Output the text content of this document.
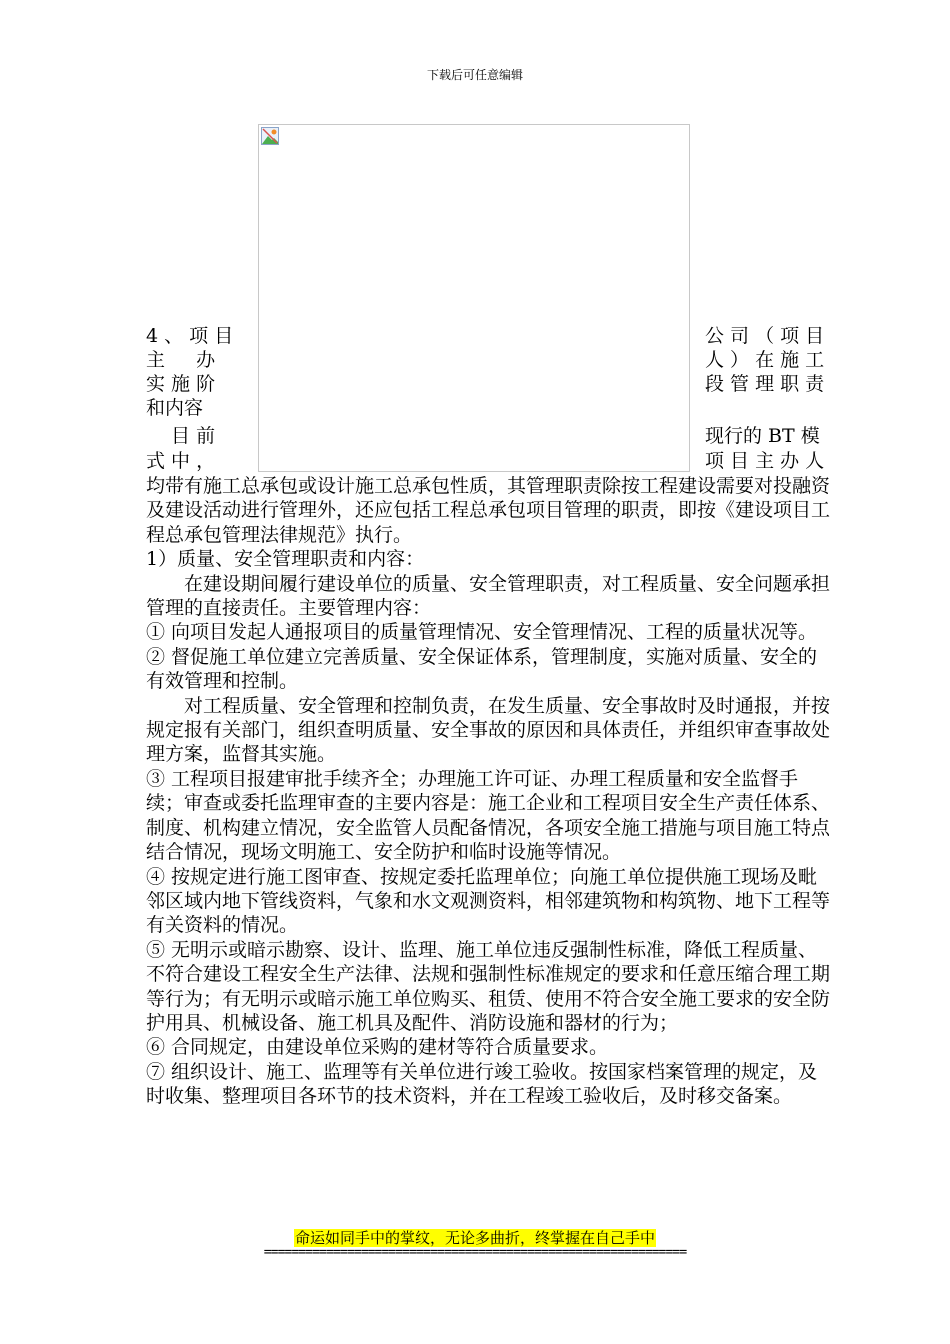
下载后可任意编辑
4 、 项 目
主 　 办
实 施 阶
和内容
公 司 （ 项 目
人 ） 在 施 工
段 管 理 职 责
　 目 前
式 中 ，
现行的 BT 模
项 目 主 办 人

均带有施工总承包或设计施工总承包性质，其管理职责除按工程建设需要对投融资及建设活动进行管理外，还应包括工程总承包项目管理的职责，即按《建设项目工程总承包管理法律规范》执行。

1）质量、安全管理职责和内容：

在建设期间履行建设单位的质量、安全管理职责，对工程质量、安全问题承担管理的直接责任。主要管理内容：

① 向项目发起人通报项目的质量管理情况、安全管理情况、工程的质量状况等。

② 督促施工单位建立完善质量、安全保证体系，管理制度，实施对质量、安全的有效管理和控制。

对工程质量、安全管理和控制负责，在发生质量、安全事故时及时通报，并按规定报有关部门，组织查明质量、安全事故的原因和具体责任，并组织审查事故处理方案，监督其实施。

③ 工程项目报建审批手续齐全；办理施工许可证、办理工程质量和安全监督手续；审查或委托监理审查的主要内容是：施工企业和工程项目安全生产责任体系、制度、机构建立情况，安全监管人员配备情况，各项安全施工措施与项目施工特点结合情况，现场文明施工、安全防护和临时设施等情况。

④ 按规定进行施工图审查、按规定委托监理单位；向施工单位提供施工现场及毗邻区域内地下管线资料，气象和水文观测资料，相邻建筑物和构筑物、地下工程等有关资料的情况。

⑤ 无明示或暗示勘察、设计、监理、施工单位违反强制性标准，降低工程质量、不符合建设工程安全生产法律、法规和强制性标准规定的要求和任意压缩合理工期等行为；有无明示或暗示施工单位购买、租赁、使用不符合安全施工要求的安全防护用具、机械设备、施工机具及配件、消防设施和器材的行为；

⑥ 合同规定，由建设单位采购的建材等符合质量要求。

⑦ 组织设计、施工、监理等有关单位进行竣工验收。按国家档案管理的规定，及时收集、整理项目各环节的技术资料，并在工程竣工验收后，及时移交备案。

命运如同手中的掌纹，无论多曲折，终掌握在自己手中
=============================================================
